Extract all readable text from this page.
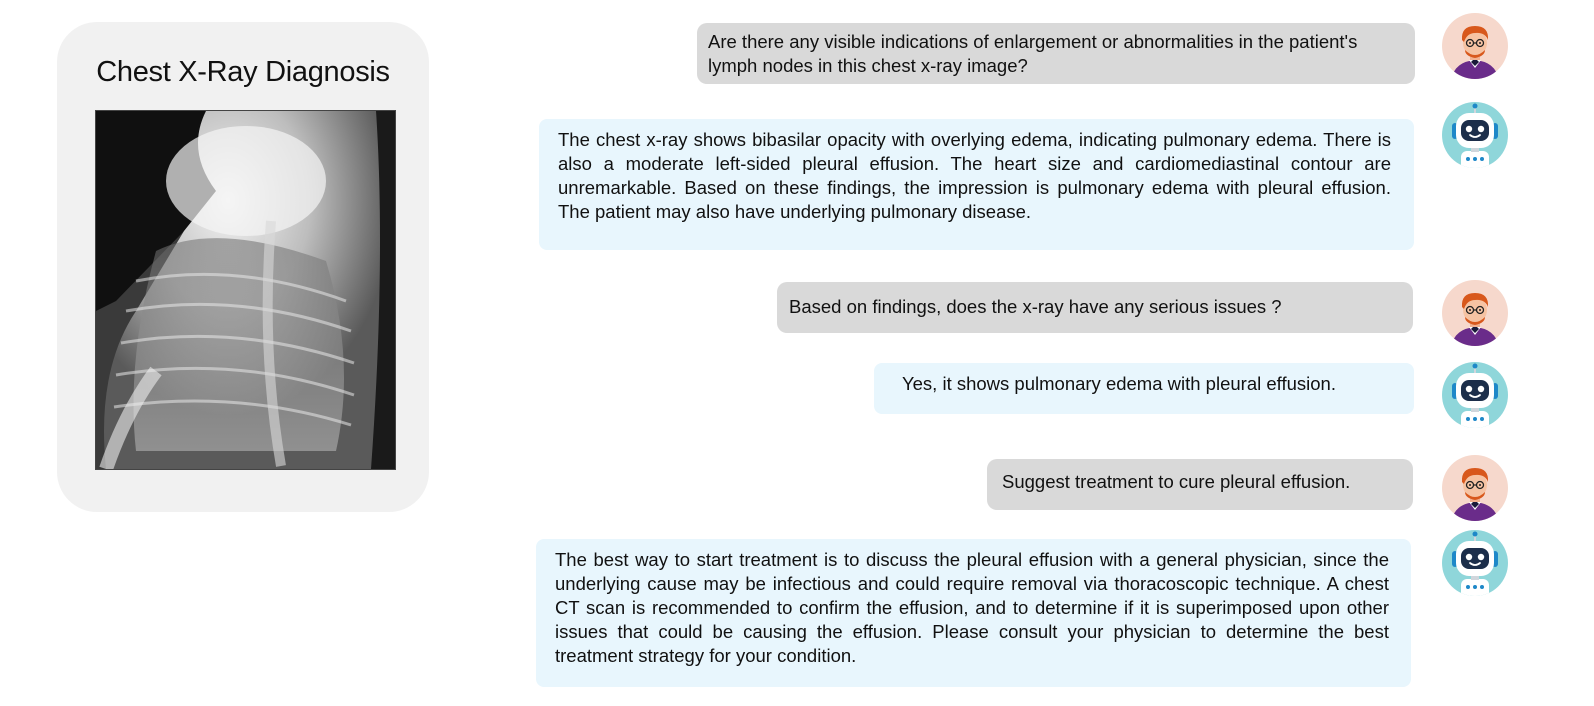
Chest X-Ray Diagnosis
Are there any visible indications of enlargement or abnormalities in the patient's lymph nodes in this chest x-ray image?
The chest x-ray shows bibasilar opacity with overlying edema, indicating pulmonary edema. There is also a moderate left-sided pleural effusion. The heart size and cardiomediastinal contour are unremarkable. Based on these findings, the impression is pulmonary edema with pleural effusion. The patient may also have underlying pulmonary disease.
Based on findings, does the x-ray have any serious issues ?
Yes, it shows pulmonary edema with pleural effusion.
Suggest treatment to cure pleural effusion.
The best way to start treatment is to discuss the pleural effusion with a general physician, since the underlying cause may be infectious and could require removal via thoracoscopic technique. A chest CT scan is recommended to confirm the effusion, and to determine if it is superimposed upon other issues that could be causing the effusion. Please consult your physician to determine the best treatment strategy for your condition.
